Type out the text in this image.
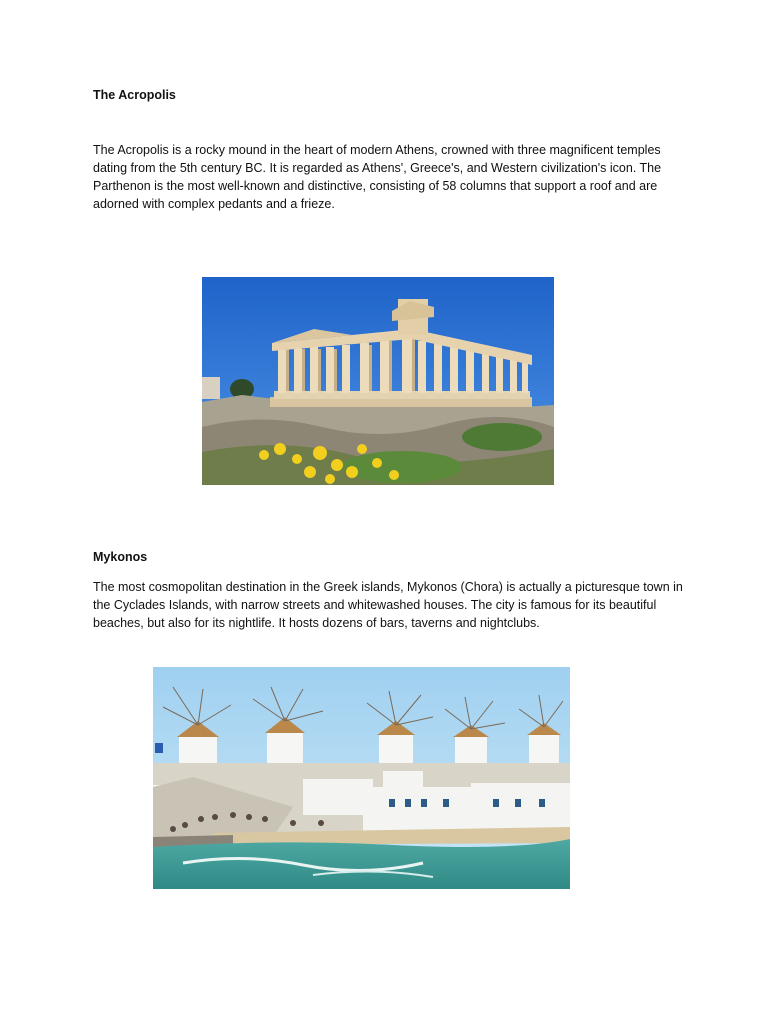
The Acropolis

The Acropolis is a rocky mound in the heart of modern Athens, crowned with three magnificent temples dating from the 5th century BC. It is regarded as Athens', Greece's, and Western civilization's icon. The Parthenon is the most well-known and distinctive, consisting of 58 columns that support a roof and are adorned with complex pedants and a frieze.

Mykonos

The most cosmopolitan destination in the Greek islands, Mykonos (Chora) is actually a picturesque town in the Cyclades Islands, with narrow streets and whitewashed houses. The city is famous for its beautiful beaches, but also for its nightlife. It hosts dozens of bars, taverns and nightclubs.
